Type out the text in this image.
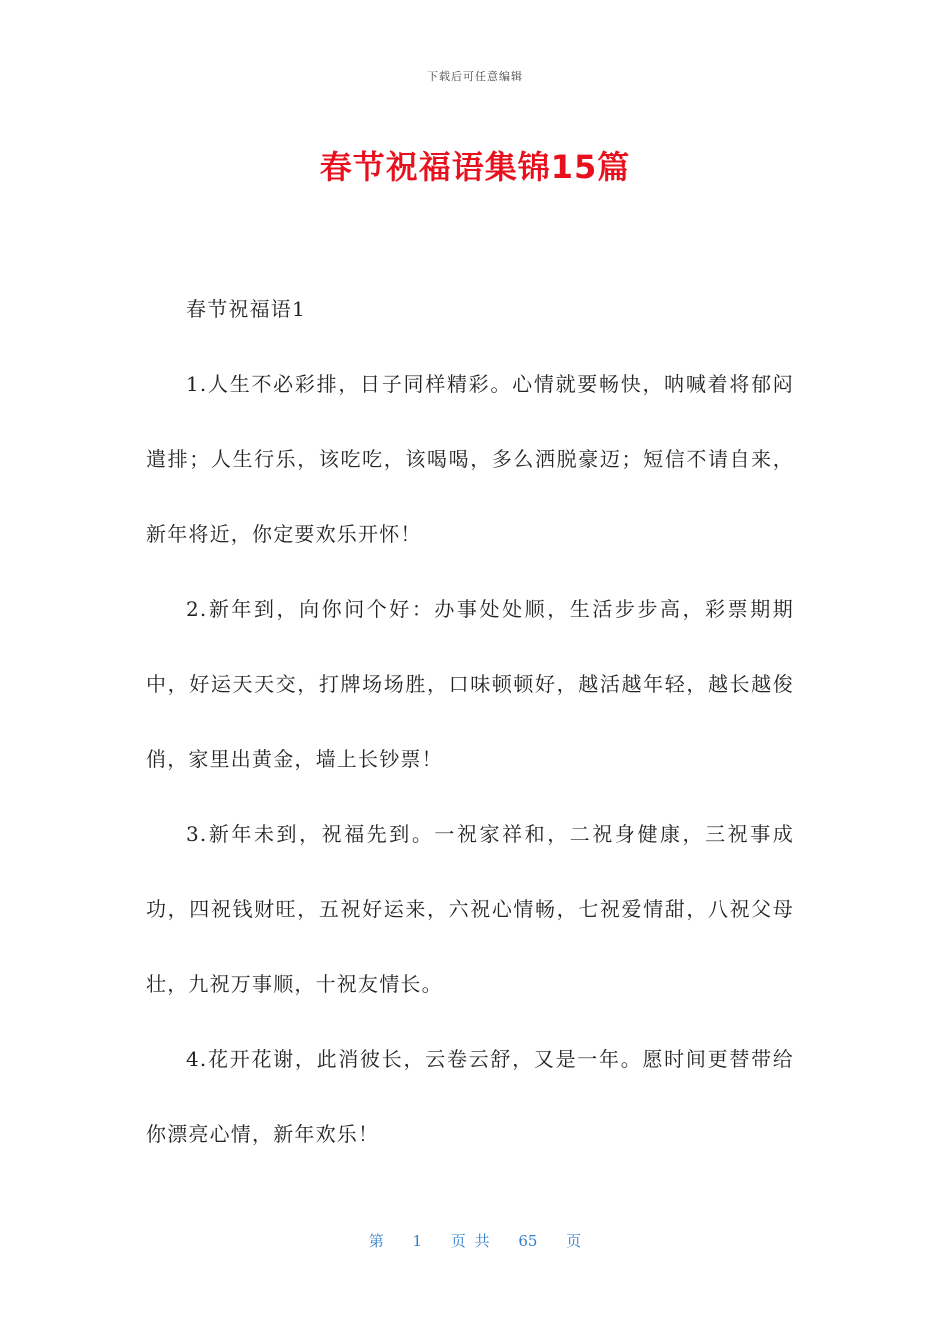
下载后可任意编辑
春节祝福语集锦15篇

春节祝福语1

1.人生不必彩排，日子同样精彩。心情就要畅快，呐喊着将郁闷遣排；人生行乐，该吃吃，该喝喝，多么洒脱豪迈；短信不请自来，新年将近，你定要欢乐开怀！

2.新年到，向你问个好：办事处处顺，生活步步高，彩票期期中，好运天天交，打牌场场胜，口味顿顿好，越活越年轻，越长越俊俏，家里出黄金，墙上长钞票！

3.新年未到，祝福先到。一祝家祥和，二祝身健康，三祝事成功，四祝钱财旺，五祝好运来，六祝心情畅，七祝爱情甜，八祝父母壮，九祝万事顺，十祝友情长。

4.花开花谢，此消彼长，云卷云舒，又是一年。愿时间更替带给你漂亮心情，新年欢乐！

第 1 页 共 65 页
